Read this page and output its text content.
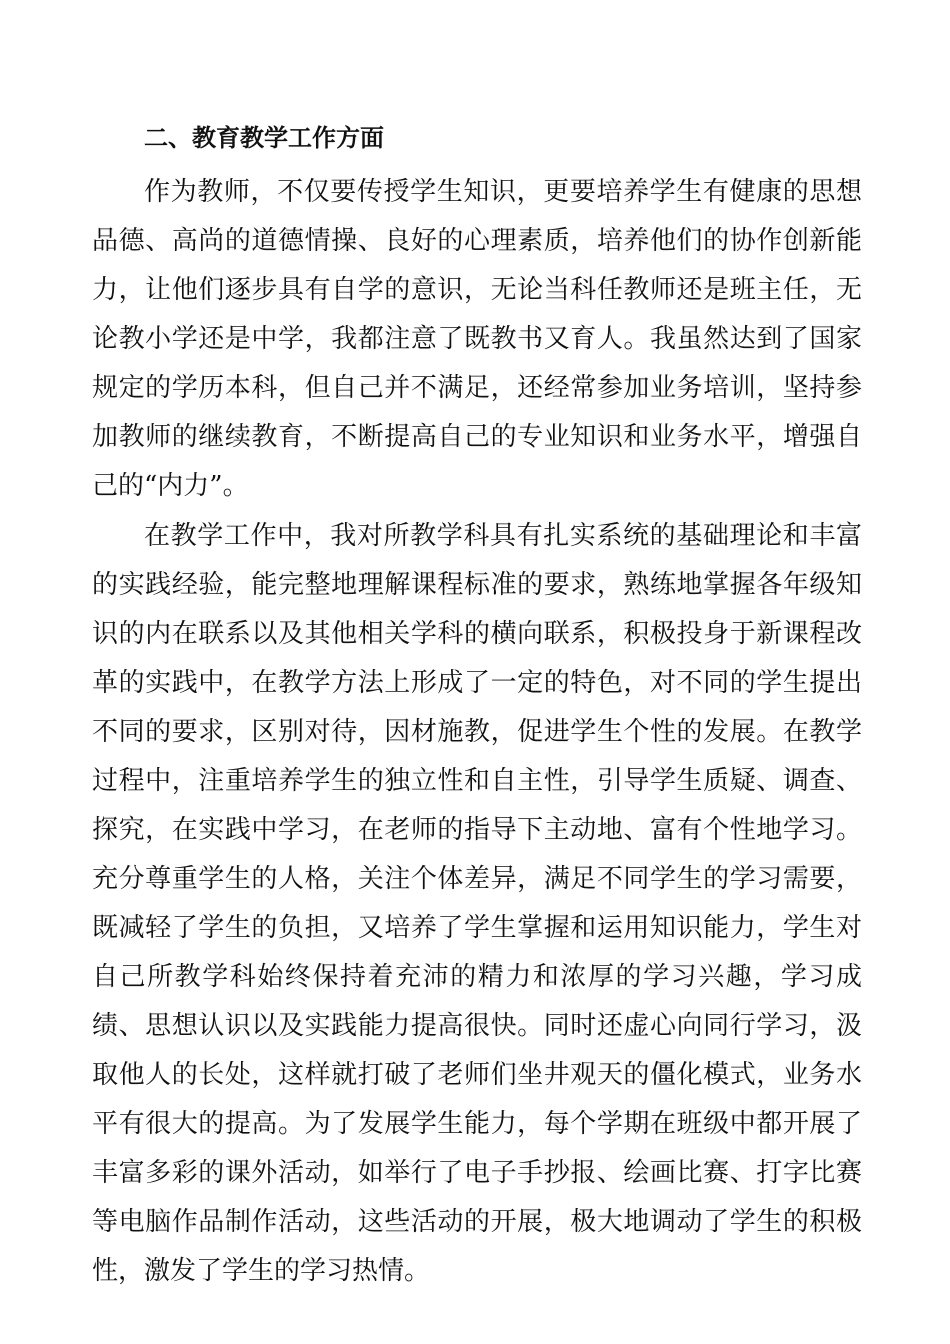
二、教育教学工作方面

作为教师，不仅要传授学生知识，更要培养学生有健康的思想品德、高尚的道德情操、良好的心理素质，培养他们的协作创新能力，让他们逐步具有自学的意识，无论当科任教师还是班主任，无论教小学还是中学，我都注意了既教书又育人。我虽然达到了国家规定的学历本科，但自己并不满足，还经常参加业务培训，坚持参加教师的继续教育，不断提高自己的专业知识和业务水平，增强自己的“内力”。

在教学工作中，我对所教学科具有扎实系统的基础理论和丰富的实践经验，能完整地理解课程标准的要求，熟练地掌握各年级知识的内在联系以及其他相关学科的横向联系，积极投身于新课程改革的实践中，在教学方法上形成了一定的特色，对不同的学生提出不同的要求，区别对待，因材施教，促进学生个性的发展。在教学过程中，注重培养学生的独立性和自主性，引导学生质疑、调查、探究，在实践中学习，在老师的指导下主动地、富有个性地学习。充分尊重学生的人格，关注个体差异，满足不同学生的学习需要，既减轻了学生的负担，又培养了学生掌握和运用知识能力，学生对自己所教学科始终保持着充沛的精力和浓厚的学习兴趣，学习成绩、思想认识以及实践能力提高很快。同时还虚心向同行学习，汲取他人的长处，这样就打破了老师们坐井观天的僵化模式，业务水平有很大的提高。为了发展学生能力，每个学期在班级中都开展了丰富多彩的课外活动，如举行了电子手抄报、绘画比赛、打字比赛等电脑作品制作活动，这些活动的开展，极大地调动了学生的积极性，激发了学生的学习热情。
